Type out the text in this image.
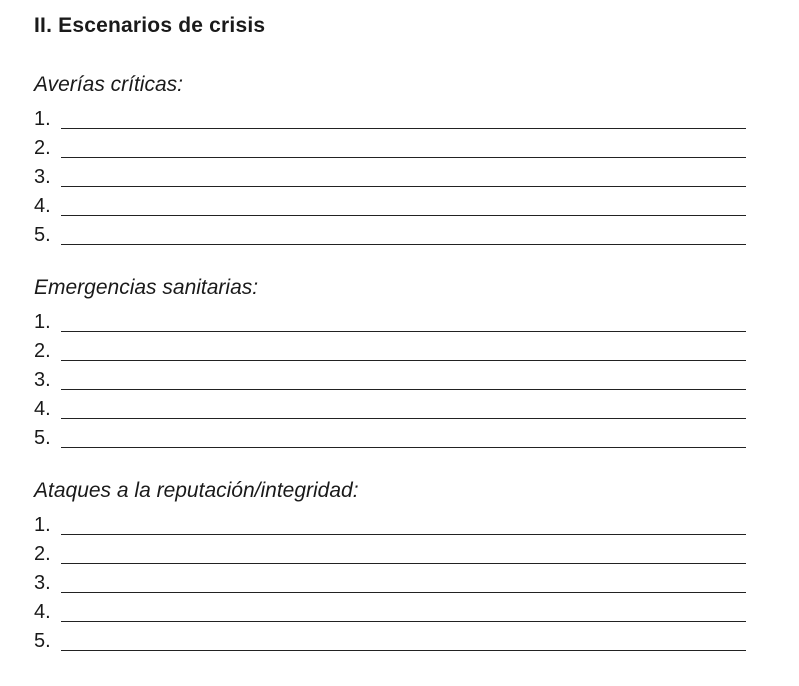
II. Escenarios de crisis
Averías críticas:
1.
2.
3.
4.
5.
Emergencias sanitarias:
1.
2.
3.
4.
5.
Ataques a la reputación/integridad:
1.
2.
3.
4.
5.
